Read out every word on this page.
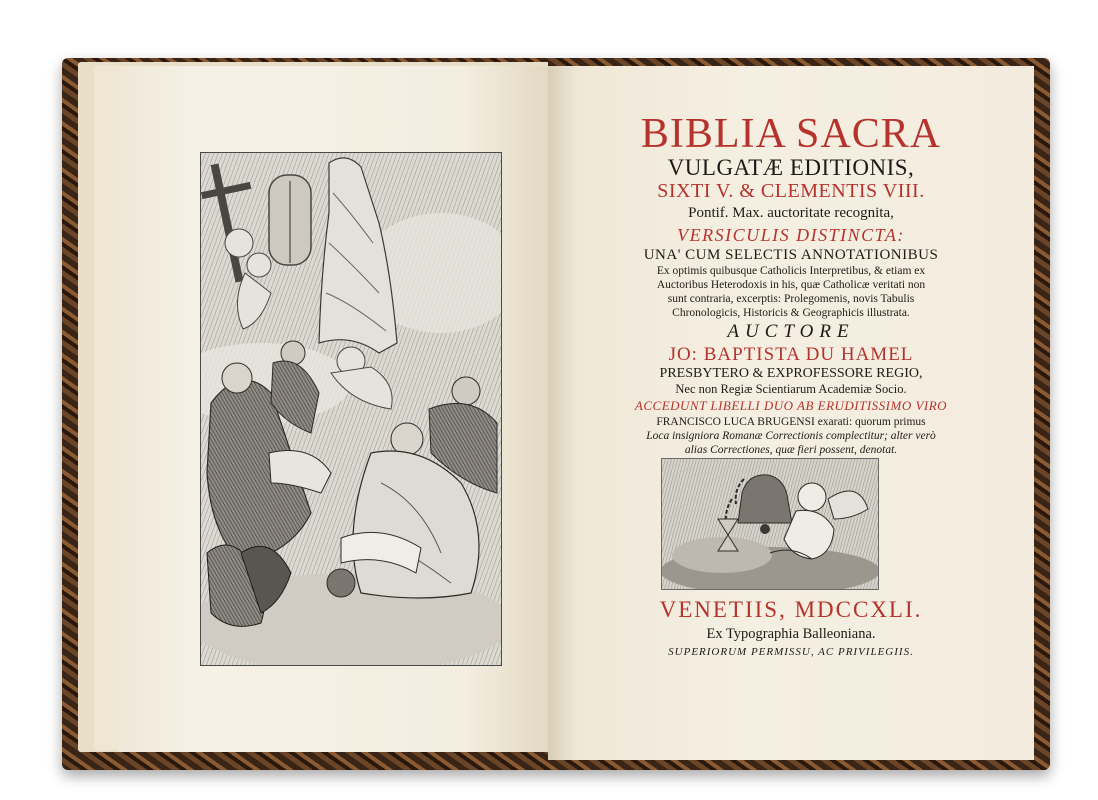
BIBLIA SACRA
VULGATÆ EDITIONIS,
SIXTI V. & CLEMENTIS VIII.
Pontif. Max. auctoritate recognita,
VERSICULIS DISTINCTA:
UNA' CUM SELECTIS ANNOTATIONIBUS
Ex optimis quibusque Catholicis Interpretibus, & etiam ex
Auctoribus Heterodoxis in his, quæ Catholicæ veritati non
sunt contraria, excerptis: Prolegomenis, novis Tabulis
Chronologicis, Historicis & Geographicis illustrata.
AUCTORE
JO: BAPTISTA DU HAMEL
PRESBYTERO & EXPROFESSORE REGIO,
Nec non Regiæ Scientiarum Academiæ Socio.
ACCEDUNT LIBELLI DUO AB ERUDITISSIMO VIRO
FRANCISCO LUCA BRUGENSI exarati: quorum primus
Loca insigniora Romanæ Correctionis complectitur; alter verò
alias Correctiones, quæ fieri possent, denotat.
VENETIIS, MDCCXLI.
Ex Typographia Balleoniana.
SUPERIORUM PERMISSU, AC PRIVILEGIIS.
